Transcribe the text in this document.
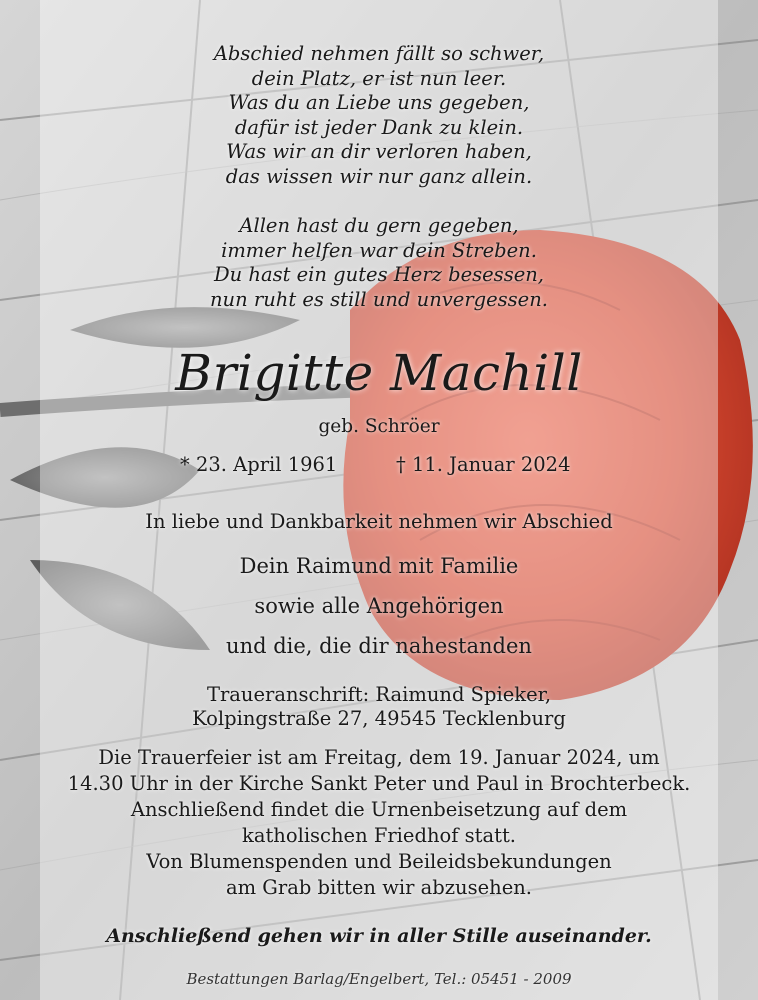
Abschied nehmen fällt so schwer,
dein Platz, er ist nun leer.
Was du an Liebe uns gegeben,
dafür ist jeder Dank zu klein.
Was wir an dir verloren haben,
das wissen wir nur ganz allein.
Allen hast du gern gegeben,
immer helfen war dein Streben.
Du hast ein gutes Herz besessen,
nun ruht es still und unvergessen.
Brigitte Machill
geb. Schröer
* 23. April 1961	† 11. Januar 2024
In liebe und Dankbarkeit nehmen wir Abschied
Dein Raimund mit Familie
sowie alle Angehörigen
und die, die dir nahestanden
Traueranschrift: Raimund Spieker,
Kolpingstraße 27, 49545 Tecklenburg
Die Trauerfeier ist am Freitag, dem 19. Januar 2024, um
14.30 Uhr in der Kirche Sankt Peter und Paul in Brochterbeck.
Anschließend findet die Urnenbeisetzung auf dem
katholischen Friedhof statt.
Von Blumenspenden und Beileidsbekundungen
am Grab bitten wir abzusehen.
Anschließend gehen wir in aller Stille auseinander.
Bestattungen Barlag/Engelbert, Tel.: 05451 - 2009
